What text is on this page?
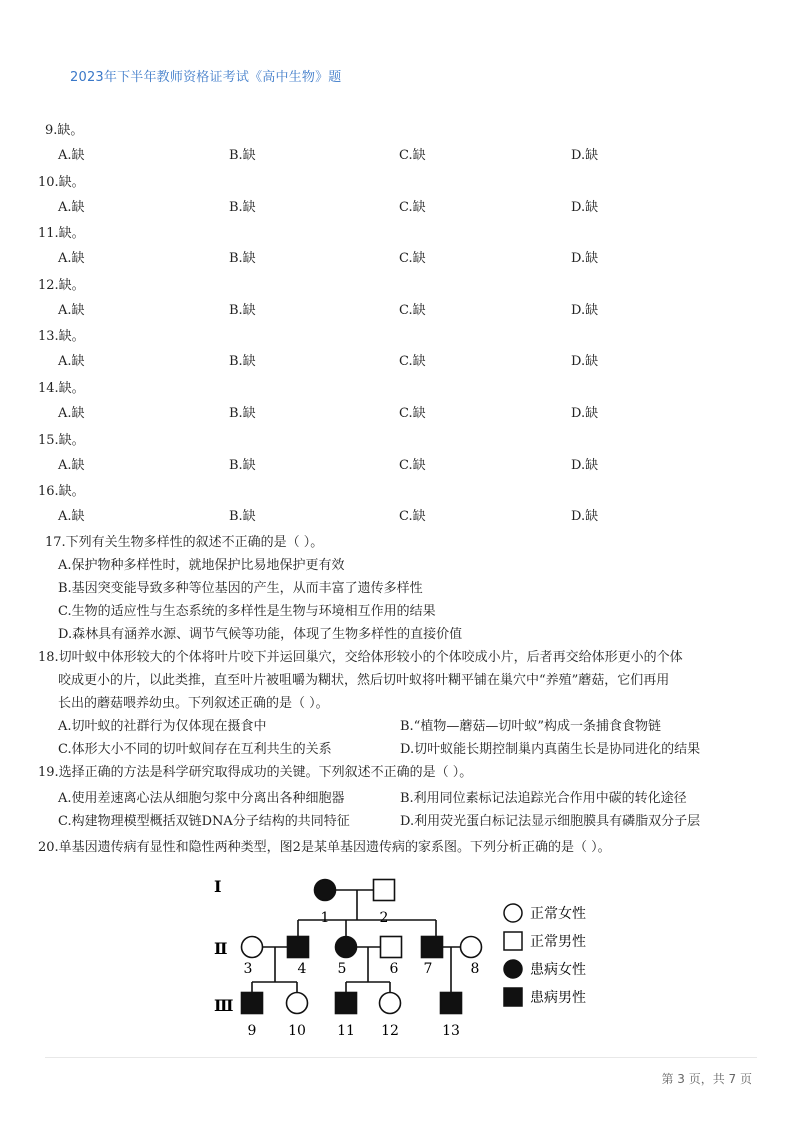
2023年下半年教师资格证考试《高中生物》题
9.缺。
A.缺	B.缺	C.缺	D.缺
10.缺。
A.缺	B.缺	C.缺	D.缺
11.缺。
A.缺	B.缺	C.缺	D.缺
12.缺。
A.缺	B.缺	C.缺	D.缺
13.缺。
A.缺	B.缺	C.缺	D.缺
14.缺。
A.缺	B.缺	C.缺	D.缺
15.缺。
A.缺	B.缺	C.缺	D.缺
16.缺。
A.缺	B.缺	C.缺	D.缺
17.下列有关生物多样性的叙述不正确的是（ ）。
A.保护物种多样性时，就地保护比易地保护更有效
B.基因突变能导致多种等位基因的产生，从而丰富了遗传多样性
C.生物的适应性与生态系统的多样性是生物与环境相互作用的结果
D.森林具有涵养水源、调节气候等功能，体现了生物多样性的直接价值
18.切叶蚁中体形较大的个体将叶片咬下并运回巢穴，交给体形较小的个体咬成小片，后者再交给体形更小的个体
咬成更小的片，以此类推，直至叶片被咀嚼为糊状，然后切叶蚁将叶糊平铺在巢穴中“养殖”蘑菇，它们再用
长出的蘑菇喂养幼虫。下列叙述正确的是（ ）。
A.切叶蚁的社群行为仅体现在摄食中	B.“植物—蘑菇—切叶蚁”构成一条捕食食物链
C.体形大小不同的切叶蚁间存在互利共生的关系	D.切叶蚁能长期控制巢内真菌生长是协同进化的结果
19.选择正确的方法是科学研究取得成功的关键。下列叙述不正确的是（ ）。
A.使用差速离心法从细胞匀浆中分离出各种细胞器	B.利用同位素标记法追踪光合作用中碳的转化途径
C.构建物理模型概括双链DNA分子结构的共同特征	D.利用荧光蛋白标记法显示细胞膜具有磷脂双分子层
20.单基因遗传病有显性和隐性两种类型，图2是某单基因遗传病的家系图。下列分析正确的是（ ）。
1	2
3	4 5	6 7	8
9 10 11 12	13
Ⅰ
Ⅱ
Ⅲ
正常女性
正常男性
患病女性
患病男性
第 3 页，共 7 页
